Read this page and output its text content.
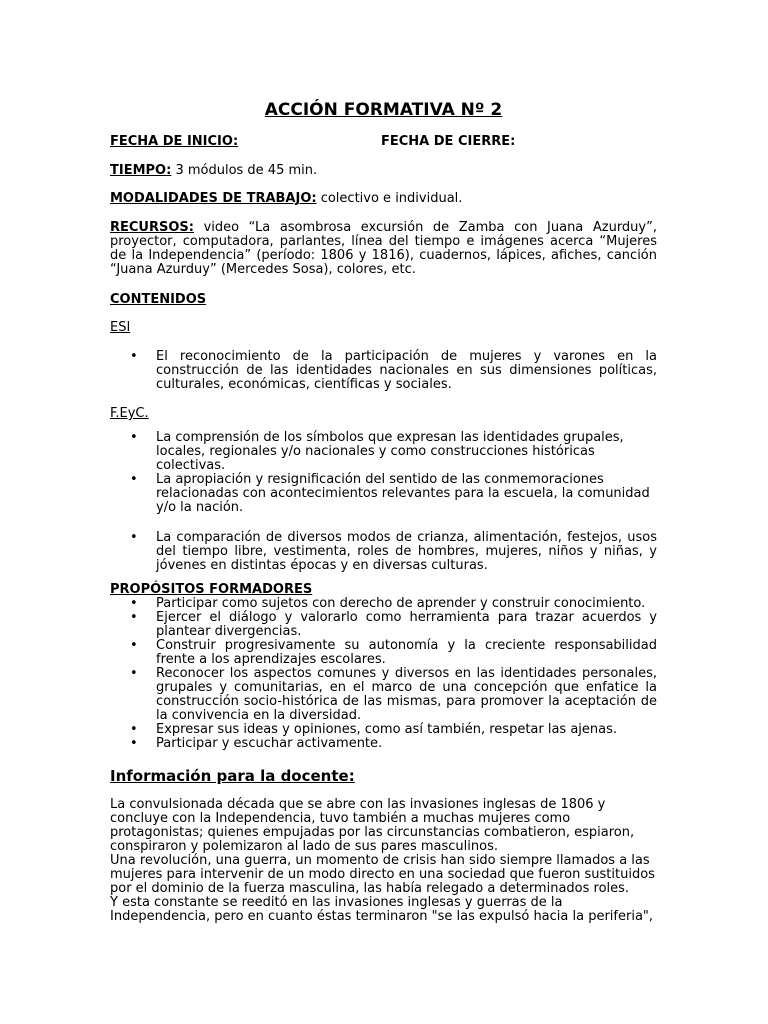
ACCIÓN FORMATIVA Nº 2
FECHA DE INICIO:	FECHA DE CIERRE:
TIEMPO: 3 módulos de 45 min.
MODALIDADES DE TRABAJO: colectivo e individual.
RECURSOS: video “La asombrosa excursión de Zamba con Juana Azurduy”, proyector, computadora, parlantes, línea del tiempo e imágenes acerca “Mujeres de la Independencia” (período: 1806 y 1816), cuadernos, lápices, afiches, canción “Juana Azurduy” (Mercedes Sosa), colores, etc.
CONTENIDOS
ESI
• El reconocimiento de la participación de mujeres y varones en la construcción de las identidades nacionales en sus dimensiones políticas, culturales, económicas, científicas y sociales.
F.EyC.
• La comprensión de los símbolos que expresan las identidades grupales, locales, regionales y/o nacionales y como construcciones históricas colectivas.
• La apropiación y resignificación del sentido de las conmemoraciones relacionadas con acontecimientos relevantes para la escuela, la comunidad y/o la nación.
• La comparación de diversos modos de crianza, alimentación, festejos, usos del tiempo libre, vestimenta, roles de hombres, mujeres, niños y niñas, y jóvenes en distintas épocas y en diversas culturas.
PROPÓSITOS FORMADORES
• Participar como sujetos con derecho de aprender y construir conocimiento.
• Ejercer el diálogo y valorarlo como herramienta para trazar acuerdos y plantear divergencias.
• Construir progresivamente su autonomía y la creciente responsabilidad frente a los aprendizajes escolares.
• Reconocer los aspectos comunes y diversos en las identidades personales, grupales y comunitarias, en el marco de una concepción que enfatice la construcción socio-histórica de las mismas, para promover la aceptación de la convivencia en la diversidad.
• Expresar sus ideas y opiniones, como así también, respetar las ajenas.
• Participar y escuchar activamente.
Información para la docente:
La convulsionada década que se abre con las invasiones inglesas de 1806 y concluye con la Independencia, tuvo también a muchas mujeres como protagonistas; quienes empujadas por las circunstancias combatieron, espiaron, conspiraron y polemizaron al lado de sus pares masculinos.
Una revolución, una guerra, un momento de crisis han sido siempre llamados a las mujeres para intervenir de un modo directo en una sociedad que fueron sustituidos por el dominio de la fuerza masculina, las había relegado a determinados roles.
Y esta constante se reeditó en las invasiones inglesas y guerras de la Independencia, pero en cuanto éstas terminaron "se las expulsó hacia la periferia",
